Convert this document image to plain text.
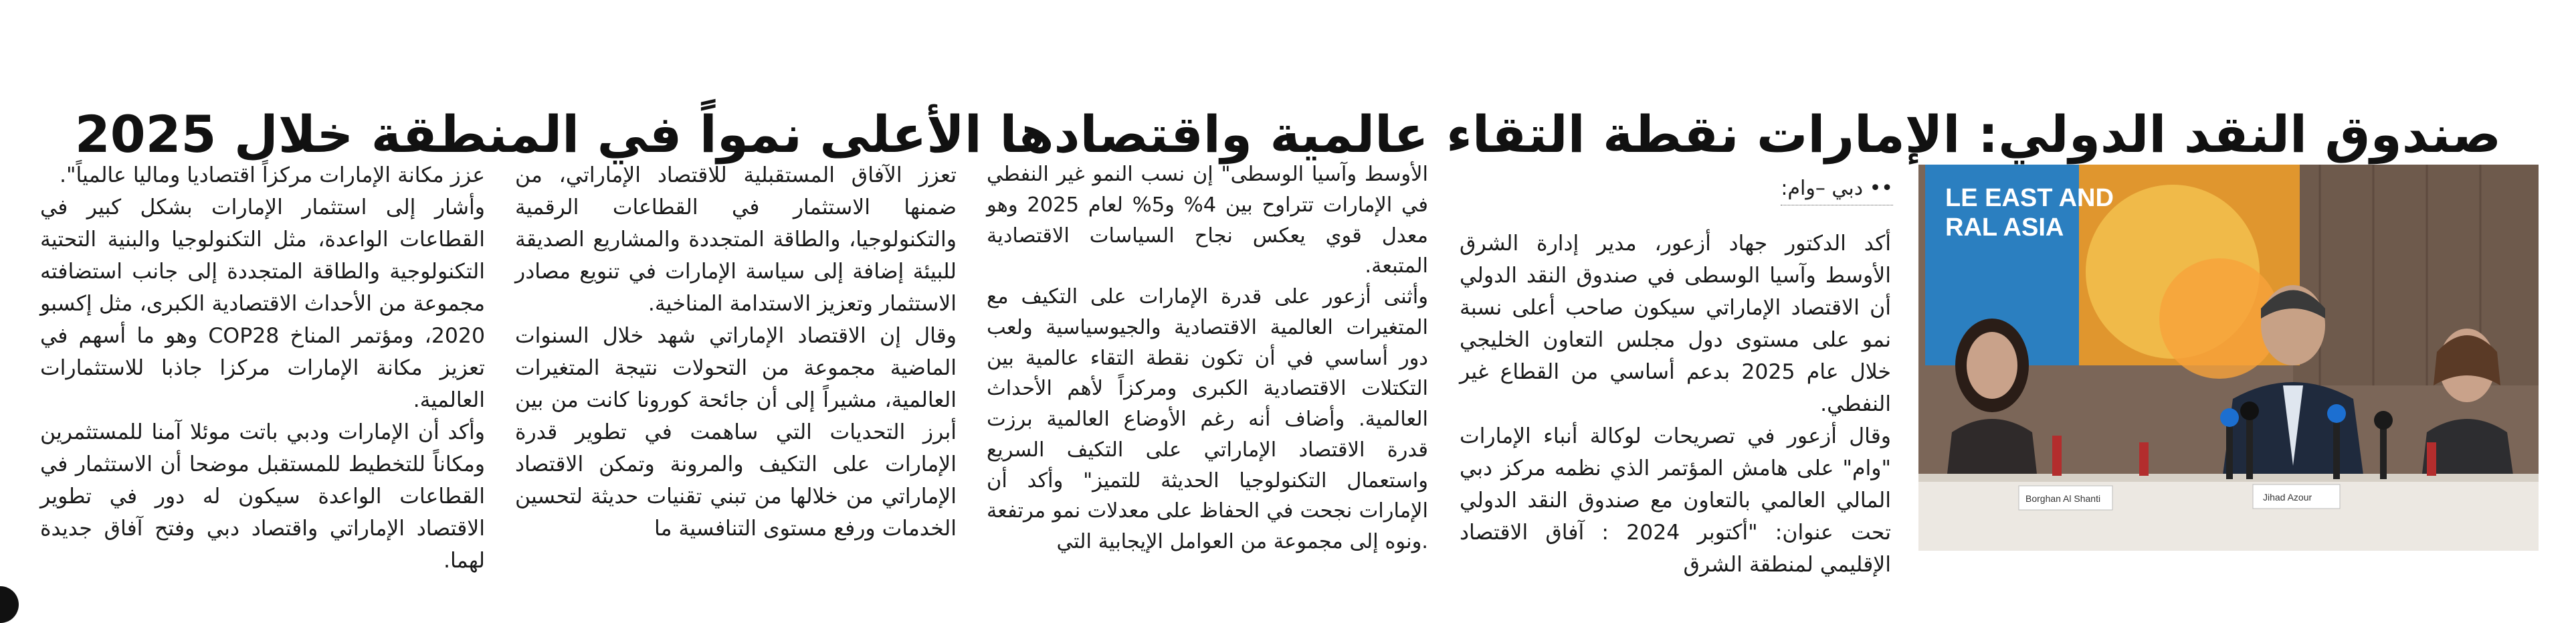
صندوق النقد الدولي: الإمارات نقطة التقاء عالمية واقتصادها الأعلى نمواً في المنطقة خلال 2025
LE EAST AND
RAL ASIA
Borghan Al Shanti	Jihad Azour
•• دبي –وام:

أكد الدكتور جهاد أزعور، مدير إدارة الشرق الأوسط وآسيا الوسطى في صندوق النقد الدولي أن الاقتصاد الإماراتي سيكون صاحب أعلى نسبة نمو على مستوى دول مجلس التعاون الخليجي خلال عام 2025 بدعم أساسي من القطاع غير النفطي.

وقال أزعور في تصريحات لوكالة أنباء الإمارات "وام" على هامش المؤتمر الذي نظمه مركز دبي المالي العالمي بالتعاون مع صندوق النقد الدولي تحت عنوان: "أكتوبر 2024 : آفاق الاقتصاد الإقليمي لمنطقة الشرق

الأوسط وآسيا الوسطى" إن نسب النمو غير النفطي في الإمارات تتراوح بين 4% و5% لعام 2025 وهو معدل قوي يعكس نجاح السياسات الاقتصادية المتبعة.

وأثنى أزعور على قدرة الإمارات على التكيف مع المتغيرات العالمية الاقتصادية والجيوسياسية ولعب دور أساسي في أن تكون نقطة التقاء عالمية بين التكتلات الاقتصادية الكبرى ومركزاً لأهم الأحداث العالمية. وأضاف أنه رغم الأوضاع العالمية برزت قدرة الاقتصاد الإماراتي على التكيف السريع واستعمال التكنولوجيا الحديثة للتميز" وأكد أن الإمارات نجحت في الحفاظ على معدلات نمو مرتفعة .ونوه إلى مجموعة من العوامل الإيجابية التي

تعزز الآفاق المستقبلية للاقتصاد الإماراتي، من ضمنها الاستثمار في القطاعات الرقمية والتكنولوجيا، والطاقة المتجددة والمشاريع الصديقة للبيئة إضافة إلى سياسة الإمارات في تنويع مصادر الاستثمار وتعزيز الاستدامة المناخية.

وقال إن الاقتصاد الإماراتي شهد خلال السنوات الماضية مجموعة من التحولات نتيجة المتغيرات العالمية، مشيراً إلى أن جائحة كورونا كانت من بين أبرز التحديات التي ساهمت في تطوير قدرة الإمارات على التكيف والمرونة وتمكن الاقتصاد الإماراتي من خلالها من تبني تقنيات حديثة لتحسين الخدمات ورفع مستوى التنافسية ما

عزز مكانة الإمارات مركزاً اقتصاديا وماليا عالمياً".

وأشار إلى استثمار الإمارات بشكل كبير في القطاعات الواعدة، مثل التكنولوجيا والبنية التحتية التكنولوجية والطاقة المتجددة إلى جانب استضافته مجموعة من الأحداث الاقتصادية الكبرى، مثل إكسبو 2020، ومؤتمر المناخ COP28 وهو ما أسهم في تعزيز مكانة الإمارات مركزا جاذبا للاستثمارات العالمية.

وأكد أن الإمارات ودبي باتت موئلا آمنا للمستثمرين ومكاناً للتخطيط للمستقبل موضحا أن الاستثمار في القطاعات الواعدة سيكون له دور في تطوير الاقتصاد الإماراتي واقتصاد دبي وفتح آفاق جديدة لهما.
